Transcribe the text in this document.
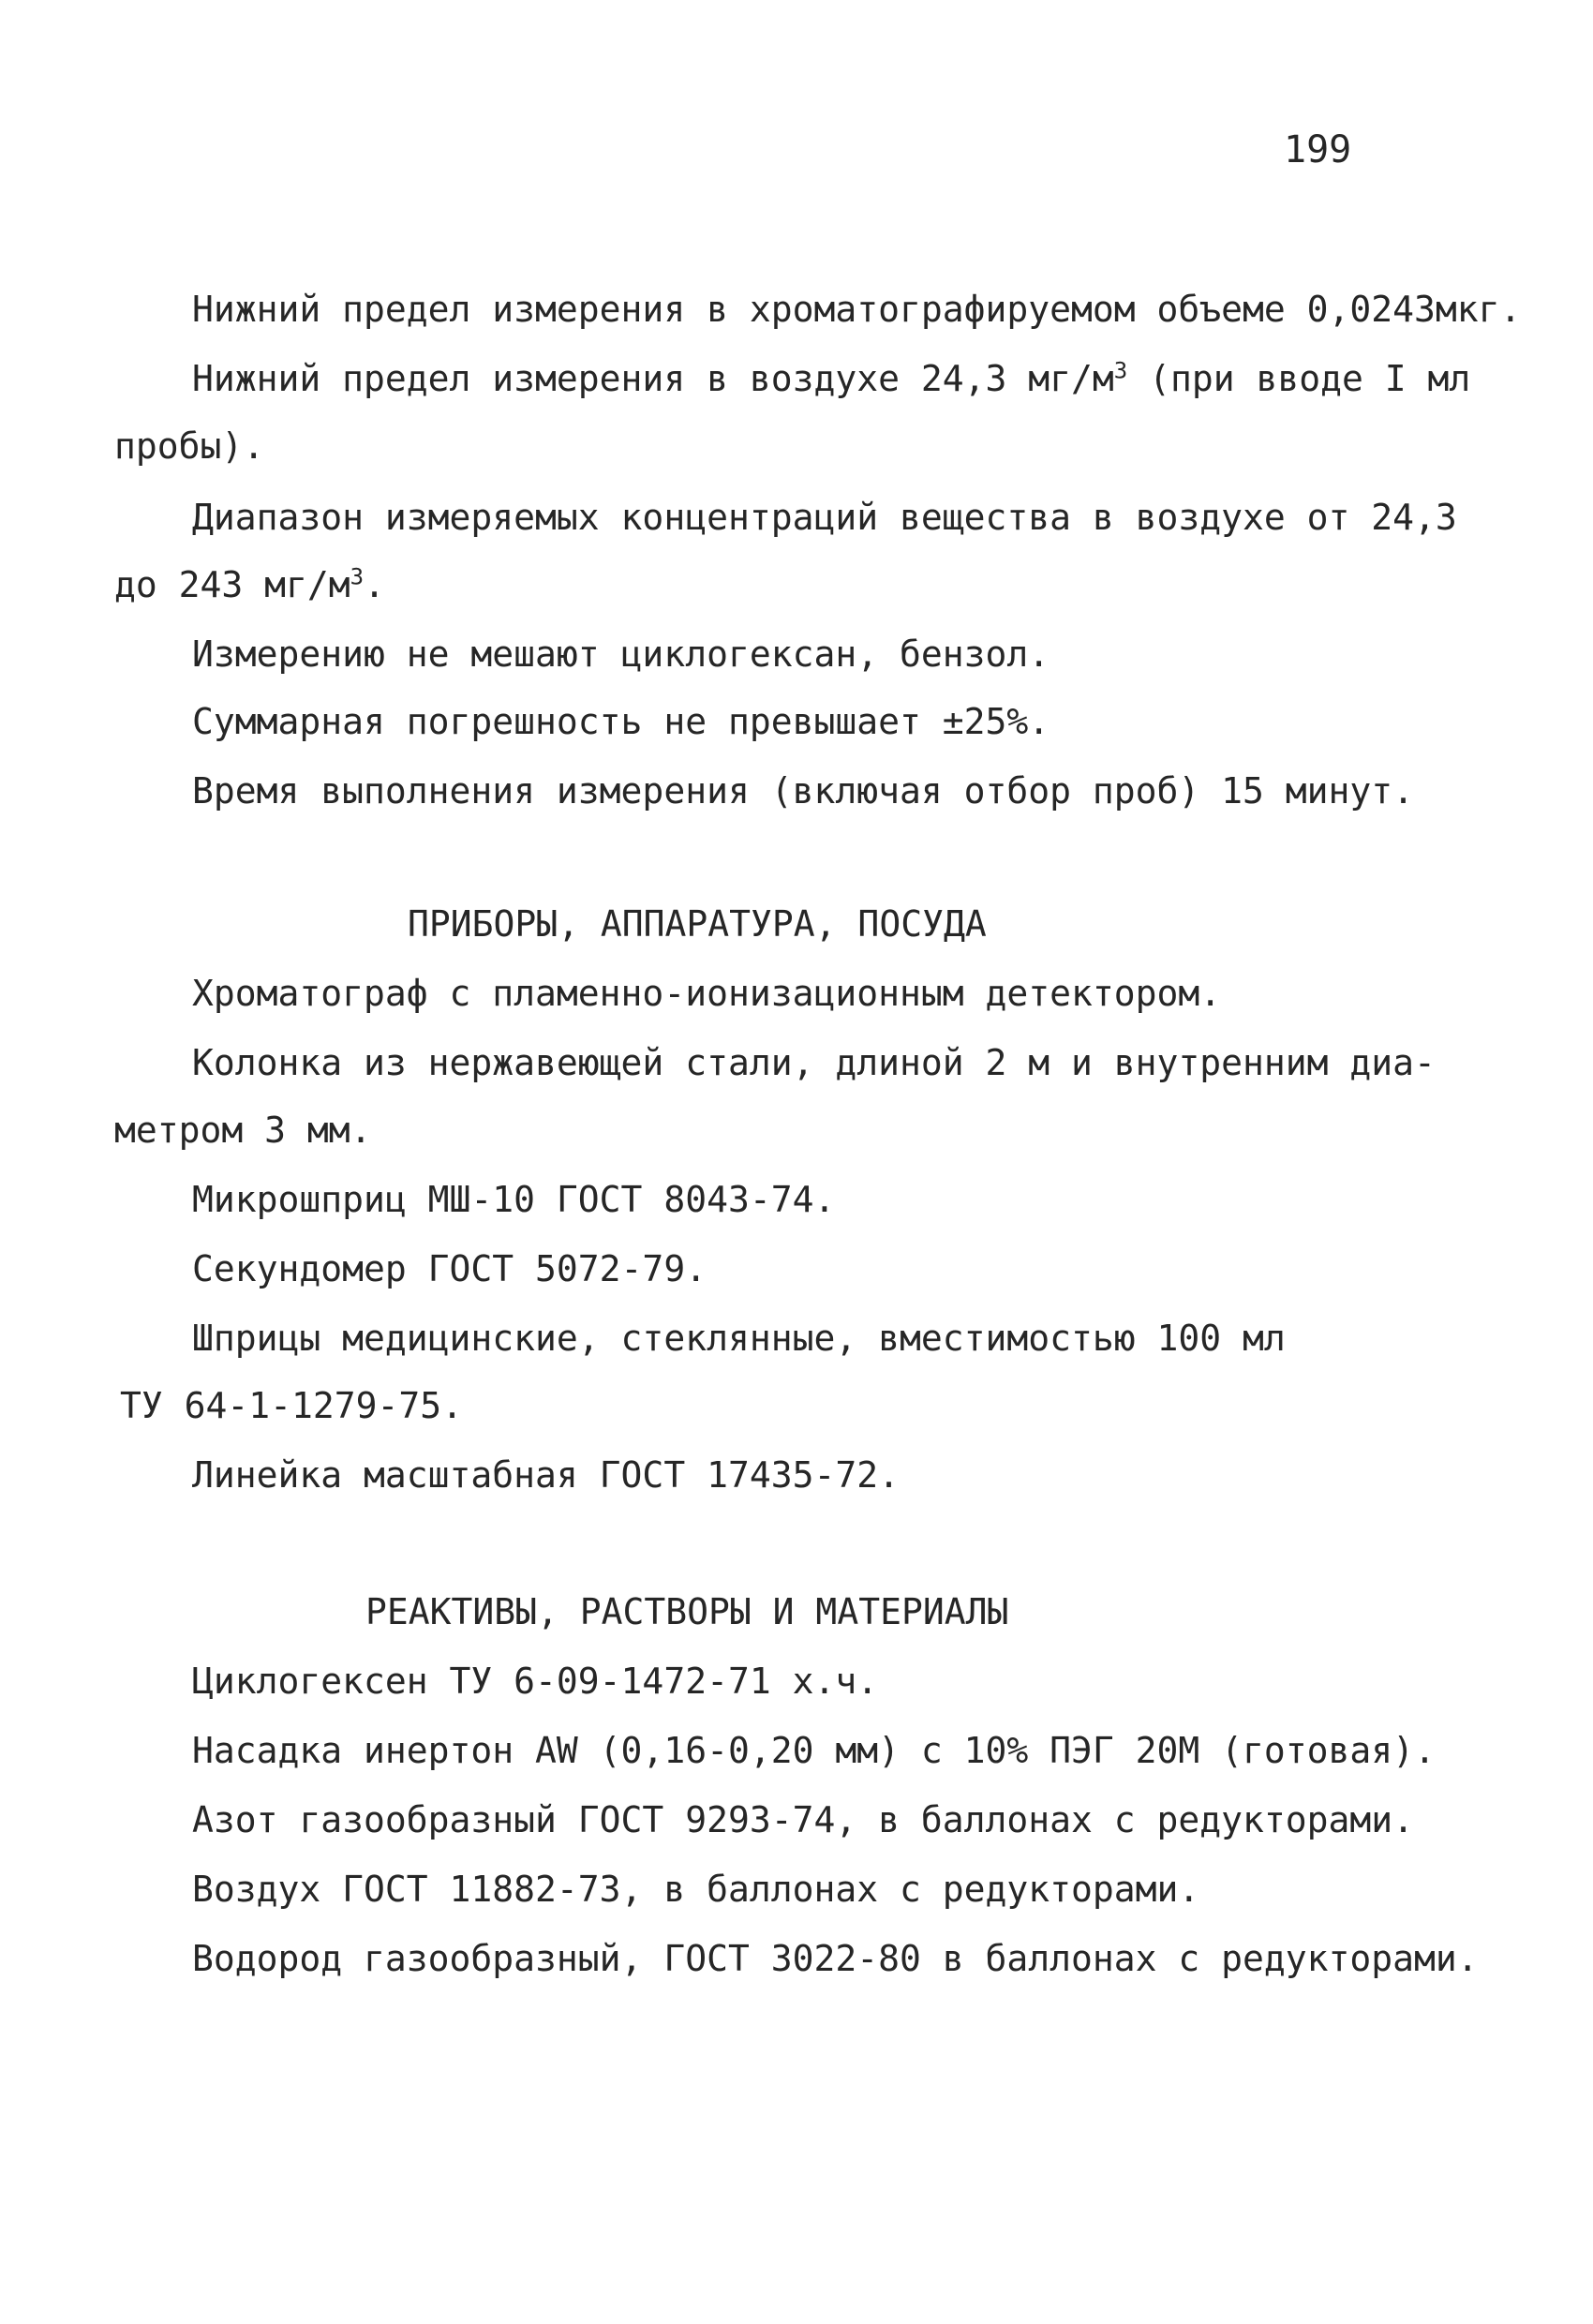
199
Нижний предел измерения в хроматографируемом объеме 0,0243мкг.
Нижний предел измерения в воздухе 24,3 $мг/м^3$ (при вводе I мл
пробы).
Диапазон измеряемых концентраций вещества в воздухе от 24,3
до 243 $мг/м^3$.
Измерению не мешают циклогексан, бензол.
Суммарная погрешность не превышает ±25%.
Время выполнения измерения (включая отбор проб) 15 минут.
ПРИБОРЫ, АППАРАТУРА, ПОСУДА
Хроматограф с пламенно-ионизационным детектором.
Колонка из нержавеющей стали, длиной 2 м и внутренним диа-
метром 3 мм.
Микрошприц МШ-10 ГОСТ 8043-74.
Секундомер ГОСТ 5072-79.
Шприцы медицинские, стеклянные, вместимостью 100 мл
ТУ 64-1-1279-75.
Линейка масштабная ГОСТ 17435-72.
РЕАКТИВЫ, РАСТВОРЫ И МАТЕРИАЛЫ
Циклогексен ТУ 6-09-1472-71 х.ч.
Насадка инертон AW (0,16-0,20 мм) с 10% ПЭГ 20М (готовая).
Азот газообразный ГОСТ 9293-74, в баллонах с редукторами.
Воздух ГОСТ 11882-73, в баллонах с редукторами.
Водород газообразный, ГОСТ 3022-80 в баллонах с редукторами.
